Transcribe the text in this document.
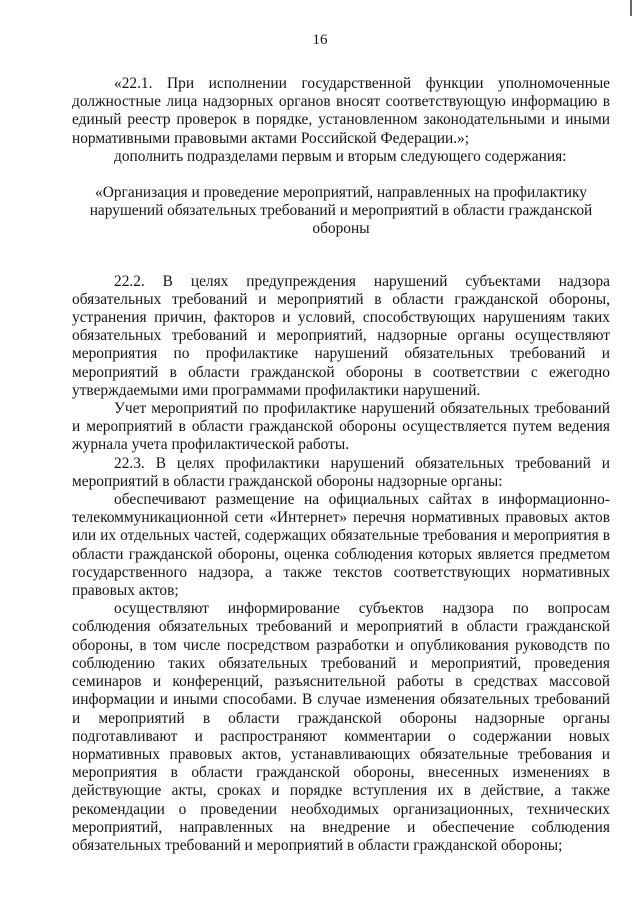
16

«22.1. При исполнении государственной функции уполномоченные должностные лица надзорных органов вносят соответствующую информацию в единый реестр проверок в порядке, установленном законодательными и иными нормативными правовыми актами Российской Федерации.»;

дополнить подразделами первым и вторым следующего содержания:

«Организация и проведение мероприятий, направленных на профилактику нарушений обязательных требований и мероприятий в области гражданской обороны

22.2. В целях предупреждения нарушений субъектами надзора обязательных требований и мероприятий в области гражданской обороны, устранения причин, факторов и условий, способствующих нарушениям таких обязательных требований и мероприятий, надзорные органы осуществляют мероприятия по профилактике нарушений обязательных требований и мероприятий в области гражданской обороны в соответствии с ежегодно утверждаемыми ими программами профилактики нарушений.

Учет мероприятий по профилактике нарушений обязательных требований и мероприятий в области гражданской обороны осуществляется путем ведения журнала учета профилактической работы.

22.3. В целях профилактики нарушений обязательных требований и мероприятий в области гражданской обороны надзорные органы:

обеспечивают размещение на официальных сайтах в информационно-телекоммуникационной сети «Интернет» перечня нормативных правовых актов или их отдельных частей, содержащих обязательные требования и мероприятия в области гражданской обороны, оценка соблюдения которых является предметом государственного надзора, а также текстов соответствующих нормативных правовых актов;

осуществляют информирование субъектов надзора по вопросам соблюдения обязательных требований и мероприятий в области гражданской обороны, в том числе посредством разработки и опубликования руководств по соблюдению таких обязательных требований и мероприятий, проведения семинаров и конференций, разъяснительной работы в средствах массовой информации и иными способами. В случае изменения обязательных требований и мероприятий в области гражданской обороны надзорные органы подготавливают и распространяют комментарии о содержании новых нормативных правовых актов, устанавливающих обязательные требования и мероприятия в области гражданской обороны, внесенных изменениях в действующие акты, сроках и порядке вступления их в действие, а также рекомендации о проведении необходимых организационных, технических мероприятий, направленных на внедрение и обеспечение соблюдения обязательных требований и мероприятий в области гражданской обороны;
